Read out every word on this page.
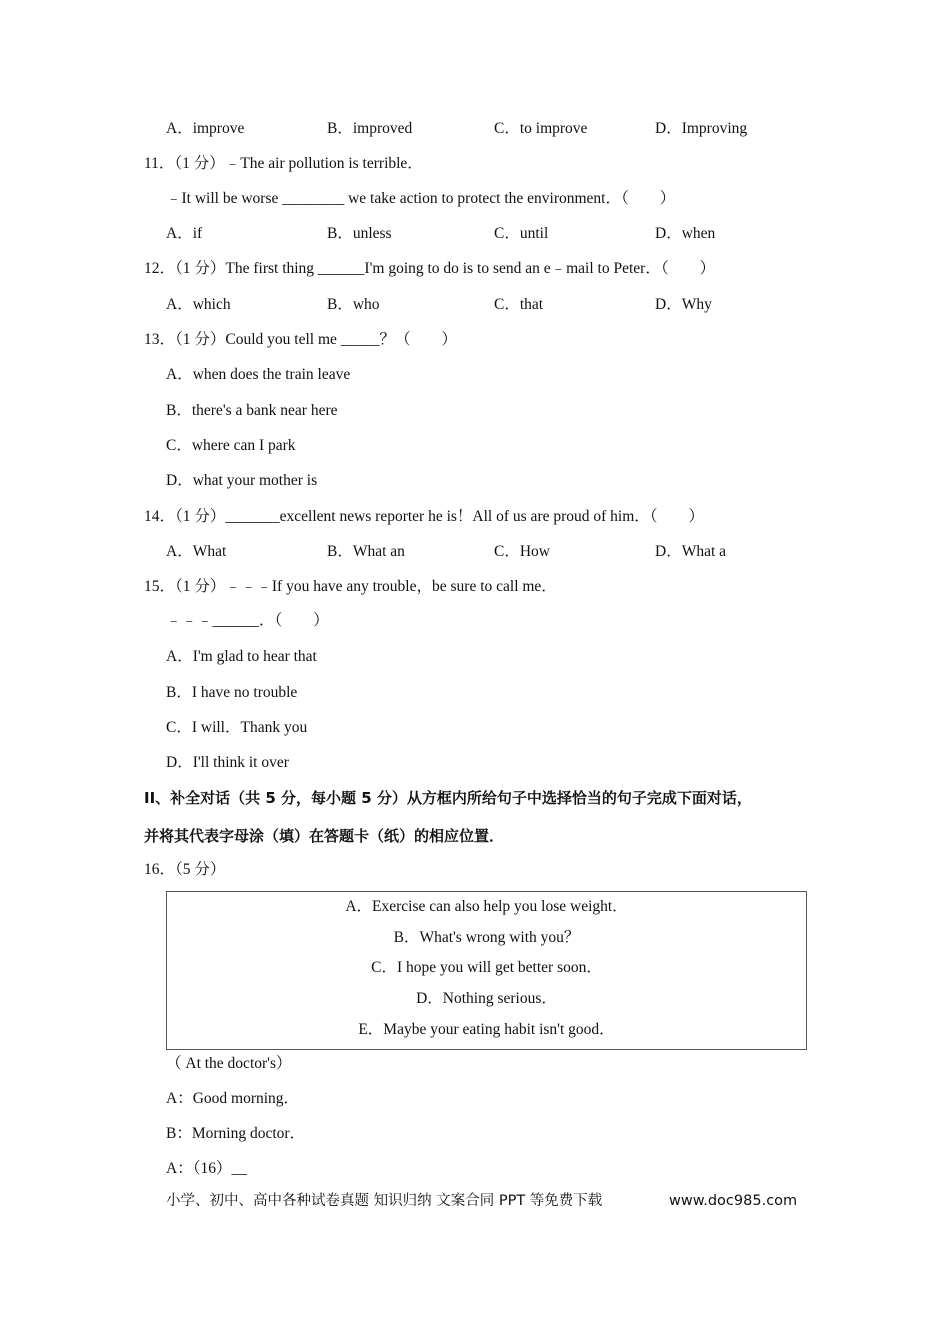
A．improve	B．improved	C．to improve	D．Improving
11．（1 分）﹣The air pollution is terrible．
﹣It will be worse ________ we take action to protect the environment．（　　）
A．if	B．unless	C．until	D．when
12．（1 分）The first thing ______I'm going to do is to send an e﹣mail to Peter．（　　）
A．which	B．who	C．that	D．Why
13．（1 分）Could you tell me _____？（　　）
A．when does the train leave
B．there's a bank near here
C．where can I park
D．what your mother is
14．（1 分）_______excellent news reporter he is！All of us are proud of him．（　　）
A．What	B．What an	C．How	D．What a
15．（1 分）﹣﹣﹣If you have any trouble，be sure to call me．
﹣﹣﹣______．（　　）
A．I'm glad to hear that
B．I have no trouble
C．I will．Thank you
D．I'll think it over
II、补全对话（共 5 分，每小题 5 分）从方框内所给句子中选择恰当的句子完成下面对话，
并将其代表字母涂（填）在答题卡（纸）的相应位置．
16．（5 分）
A．Exercise can also help you lose weight．
B．What's wrong with you？
C．I hope you will get better soon．
D．Nothing serious．
E．Maybe your eating habit isn't good．
（ At the doctor's）
A：Good morning．
B：Morning doctor．
A：（16）__
小学、初中、高中各种试卷真题 知识归纳 文案合同 PPT 等免费下载	www.doc985.com
